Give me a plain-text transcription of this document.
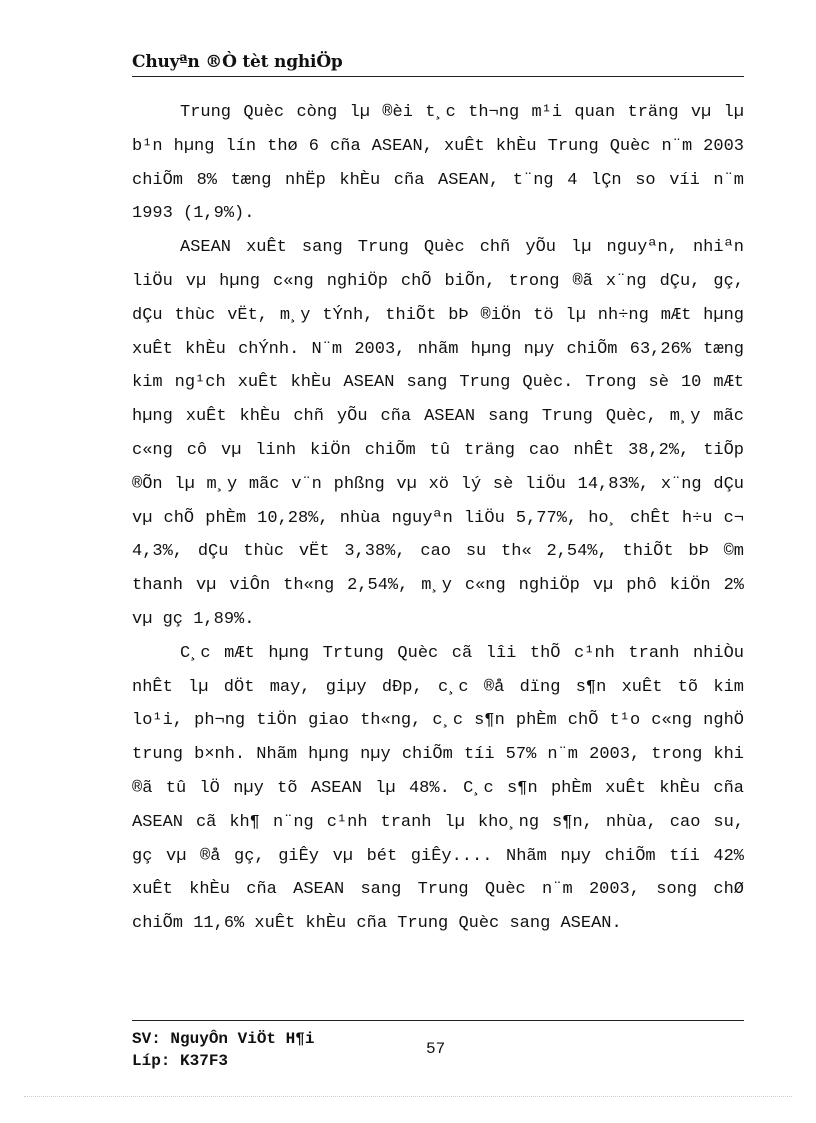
Chuyªn ®Ò tèt nghiÖp

Trung Quèc còng lµ ®èi t¸c th¬ng m¹i quan träng vµ lµ b¹n hµng lín thø 6 cña ASEAN, xuÊt khÈu Trung Quèc n¨m 2003 chiÕm 8% tæng nhËp khÈu cña ASEAN, t¨ng 4 lÇn so víi n¨m 1993 (1,9%).

ASEAN xuÊt sang Trung Quèc chñ yÕu lµ nguyªn, nhiªn liÖu vµ hµng c«ng nghiÖp chÕ biÕn, trong ®ã x¨ng dÇu, gç, dÇu thùc vËt, m¸y tÝnh, thiÕt bÞ ®iÖn tö lµ nh÷ng mÆt hµng xuÊt khÈu chÝnh. N¨m 2003, nhãm hµng nµy chiÕm 63,26% tæng kim ng¹ch xuÊt khÈu ASEAN sang Trung Quèc. Trong sè 10 mÆt hµng xuÊt khÈu chñ yÕu cña ASEAN sang Trung Quèc, m¸y mãc c«ng cô vµ linh kiÖn chiÕm tû träng cao nhÊt 38,2%, tiÕp ®Õn lµ m¸y mãc v¨n phßng vµ xö lý sè liÖu 14,83%, x¨ng dÇu vµ chÕ phÈm 10,28%, nhùa nguyªn liÖu 5,77%, ho¸ chÊt h÷u c¬ 4,3%, dÇu thùc vËt 3,38%, cao su th« 2,54%, thiÕt bÞ ©m thanh vµ viÔn th«ng 2,54%, m¸y c«ng nghiÖp vµ phô kiÖn 2% vµ gç 1,89%.

C¸c mÆt hµng Trtung Quèc cã lîi thÕ c¹nh tranh nhiÒu nhÊt lµ dÖt may, giµy dÐp, c¸c ®å dïng s¶n xuÊt tõ kim lo¹i, ph¬ng tiÖn giao th«ng, c¸c s¶n phÈm chÕ t¹o c«ng nghÖ trung b×nh. Nhãm hµng nµy chiÕm tíi 57% n¨m 2003, trong khi ®ã tû lÖ nµy tõ ASEAN lµ 48%. C¸c s¶n phÈm xuÊt khÈu cña ASEAN cã kh¶ n¨ng c¹nh tranh lµ kho¸ng s¶n, nhùa, cao su, gç vµ ®å gç, giÊy vµ bét giÊy.... Nhãm nµy chiÕm tíi 42% xuÊt khÈu cña ASEAN sang Trung Quèc n¨m 2003, song chØ chiÕm 11,6% xuÊt khÈu cña Trung Quèc sang ASEAN.

SV: NguyÔn ViÖt H¶i
Líp: K37F3
57
